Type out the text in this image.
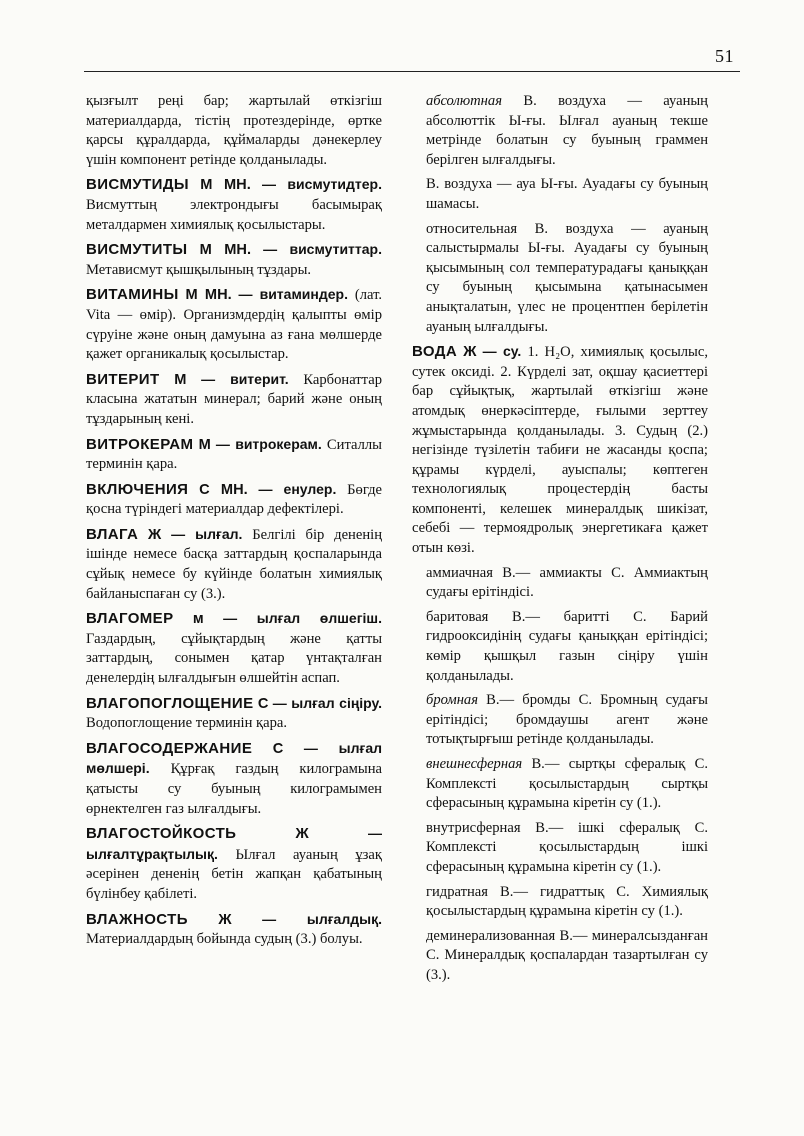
51

қызғылт реңі бар; жартылай өткізгіш материалдарда, тістің протездерінде, өртке қарсы құралдарда, құймаларды дәнекерлеу үшін компонент ретінде қолданылады.

ВИСМУТИДЫ М МН. — висмутидтер. Висмуттың электрондығы басымырақ металдармен химиялық қосылыстары.

ВИСМУТИТЫ М МН. — висмутиттар. Метависмут қышқылының тұздары.

ВИТАМИНЫ М МН. — витаминдер. (лат. Vita — өмір). Организмдердің қалыпты өмір сүруіне және оның дамуына аз ғана мөлшерде қажет органикалық қосылыстар.

ВИТЕРИТ М — витерит. Карбонаттар класына жататын минерал; барий және оның тұздарының кені.

ВИТРОКЕРАМ М — витрокерам. Ситаллы терминін қара.

ВКЛЮЧЕНИЯ С МН. — енулер. Бөгде қосна түріндегі материалдар дефектілері.

ВЛАГА Ж — ылғал. Белгілі бір дененің ішінде немесе басқа заттардың қоспаларында сұйық немесе бу күйінде болатын химиялық байланыспаған су (3.).

ВЛАГОМЕР м — ылғал өлшегіш. Газдардың, сұйықтардың және қатты заттардың, сонымен қатар үнтақталған денелердің ылғалдығын өлшейтін аспап.

ВЛАГОПОГЛОЩЕНИЕ С — ылғал сіңіру. Водопоглощение терминін қара.

ВЛАГОСОДЕРЖАНИЕ С — ылғал мөлшері. Құрғақ газдың килограмына қатысты су буының килограмымен өрнектелген газ ылғалдығы.

ВЛАГОСТОЙКОСТЬ	Ж	— ылғалтұрақтылық. Ылғал ауаның ұзақ әсерінен дененің бетін жапқан қабатының бүлінбеу қабілеті.

ВЛАЖНОСТЬ Ж — ылғалдық. Материалдардың бойында судың (3.) болуы.

абсолютная В. воздуха — ауаның абсолюттік Ы-ғы. Ылғал ауаның текше метрінде болатын су буының граммен берілген ылғалдығы.

В. воздуха — ауа Ы-ғы. Ауадағы су буының шамасы.

относительная В. воздуха — ауаның салыстырмалы Ы-ғы. Ауадағы су буының қысымының сол температурадағы қаныққан су буының қысымына қатынасымен анықталатын, үлес не процентпен берілетін ауаның ылғалдығы.

ВОДА Ж — су. 1. H₂O, химиялық қосылыс, сутек оксиді. 2. Күрделі зат, оқшау қасиеттері бар сұйықтық, жартылай өткізгіш және атомдық өнеркәсіптерде, ғылыми зерттеу жұмыстарында қолданылады. 3. Судың (2.) негізінде түзілетін табиғи не жасанды қоспа; құрамы күрделі, ауыспалы; көптеген технологиялық процестердің басты компоненті, келешек минералдық шикізат, себебі — термоядролық энергетикаға қажет отын көзі.

аммиачная В.— аммиакты С. Аммиактың судағы ерітіндісі.

баритовая В.— баритті С. Барий гидрооксидінің судағы қаныққан ерітіндісі; көмір қышқыл газын сіңіру үшін қолданылады.

бромная В.— бромды С. Бромның судағы ерітіндісі; бромдаушы агент және тотықтырғыш ретінде қолданылады.

внешнесферная В.— сыртқы сфералық С. Комплексті қосылыстардың сыртқы сферасының құрамына кіретін су (1.).

внутрисферная В.— ішкі сфералық С. Комплексті қосылыстардың ішкі сферасының құрамына кіретін су (1.).

гидратная В.— гидраттық С. Химиялық қосылыстардың құрамына кіретін су (1.).

деминерализованная В.— минералсызданған С. Минералдық қоспалардан тазартылған су (3.).
